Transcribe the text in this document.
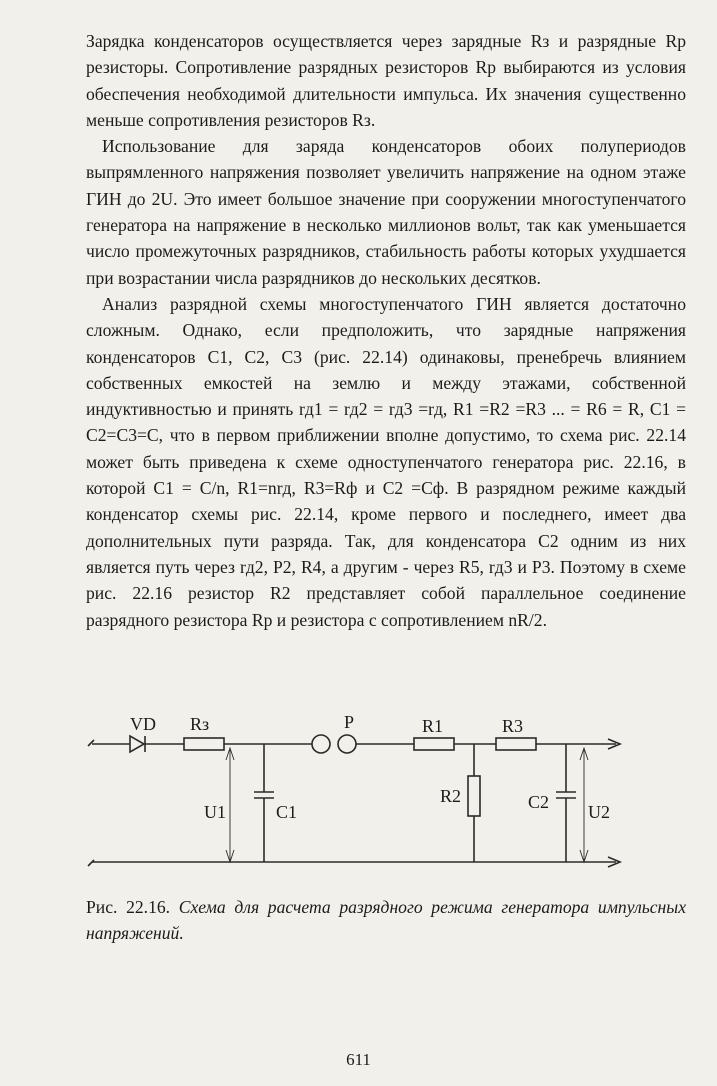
Зарядка конденсаторов осуществляется через зарядные Rз и разрядные Rр резисторы. Сопротивление разрядных резисторов Rр выбираются из условия обеспечения необходимой длительности импульса. Их значения существенно меньше сопротивления резисторов Rз.

Использование для заряда конденсаторов обоих полупериодов выпрямленного напряжения позволяет увеличить напряжение на одном этаже ГИН до 2U. Это имеет большое значение при сооружении многоступенчатого генератора на напряжение в несколько миллионов вольт, так как уменьшается число промежуточных разрядников, стабильность работы которых ухудшается при возрастании числа разрядников до нескольких десятков.

Анализ разрядной схемы многоступенчатого ГИН является достаточно сложным. Однако, если предположить, что зарядные напряжения конденсаторов C1, C2, C3 (рис. 22.14) одинаковы, пренебречь влиянием собственных емкостей на землю и между этажами, собственной индуктивностью и принять rд1 = rд2 = rд3 =rд, R1 =R2 =R3 ... = R6 = R, C1 = C2=C3=C, что в первом приближении вполне допустимо, то схема рис. 22.14 может быть приведена к схеме одноступенчатого генератора рис. 22.16, в которой C1 = C/n, R1=nrд, R3=Rф и C2 =Cф. В разрядном режиме каждый конденсатор схемы рис. 22.14, кроме первого и последнего, имеет два дополнительных пути разряда. Так, для конденсатора C2 одним из них является путь через rд2, P2, R4, а другим - через R5, rд3 и P3. Поэтому в схеме рис. 22.16 резистор R2 представляет собой параллельное соединение разрядного резистора Rр и резистора с сопротивлением nR/2.

VD Rз	P	R1	R3
R2
U1	C1	C2 U2
Рис. 22.16. Схема для расчета разрядного режима генератора импульсных напряжений.
611
